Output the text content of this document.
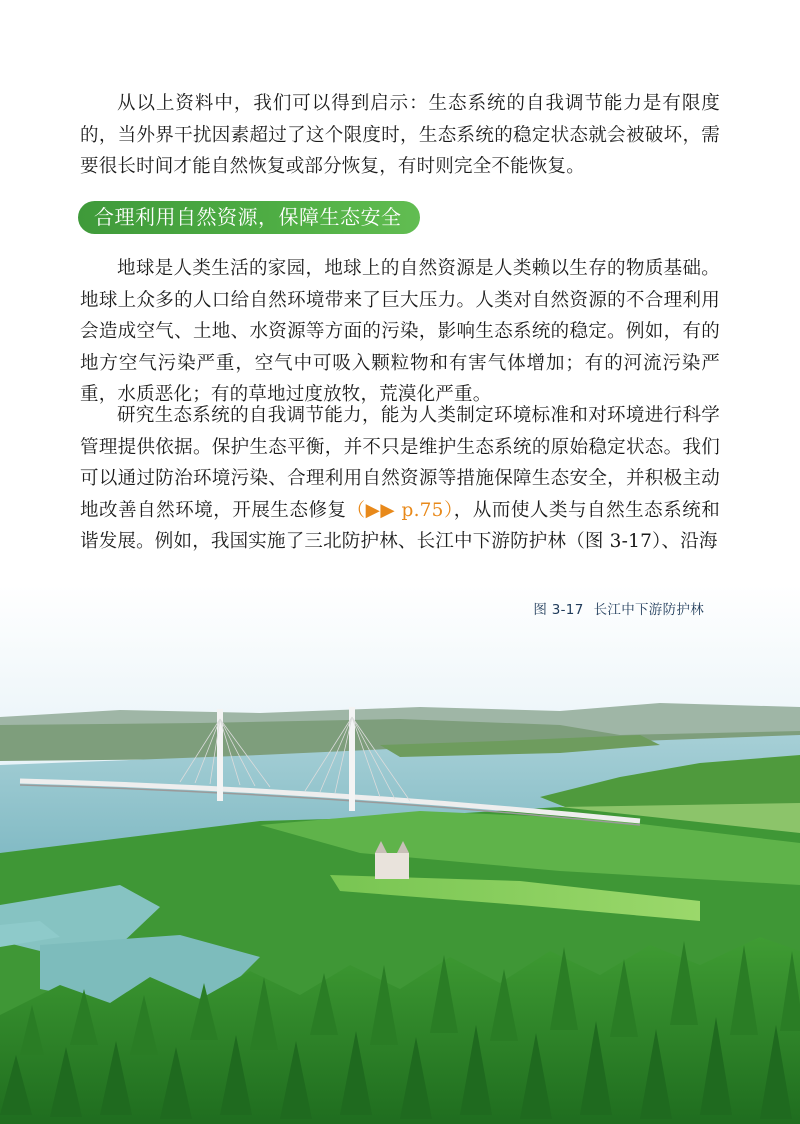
从以上资料中，我们可以得到启示：生态系统的自我调节能力是有限度的，当外界干扰因素超过了这个限度时，生态系统的稳定状态就会被破坏，需要很长时间才能自然恢复或部分恢复，有时则完全不能恢复。

合理利用自然资源，保障生态安全

地球是人类生活的家园，地球上的自然资源是人类赖以生存的物质基础。地球上众多的人口给自然环境带来了巨大压力。人类对自然资源的不合理利用会造成空气、土地、水资源等方面的污染，影响生态系统的稳定。例如，有的地方空气污染严重，空气中可吸入颗粒物和有害气体增加；有的河流污染严重，水质恶化；有的草地过度放牧，荒漠化严重。

研究生态系统的自我调节能力，能为人类制定环境标准和对环境进行科学管理提供依据。保护生态平衡，并不只是维护生态系统的原始稳定状态。我们可以通过防治环境污染、合理利用自然资源等措施保障生态安全，并积极主动地改善自然环境，开展生态修复（▶▶ p.75），从而使人类与自然生态系统和谐发展。例如，我国实施了三北防护林、长江中下游防护林（图 3-17）、沿海

图 3-17 长江中下游防护林
